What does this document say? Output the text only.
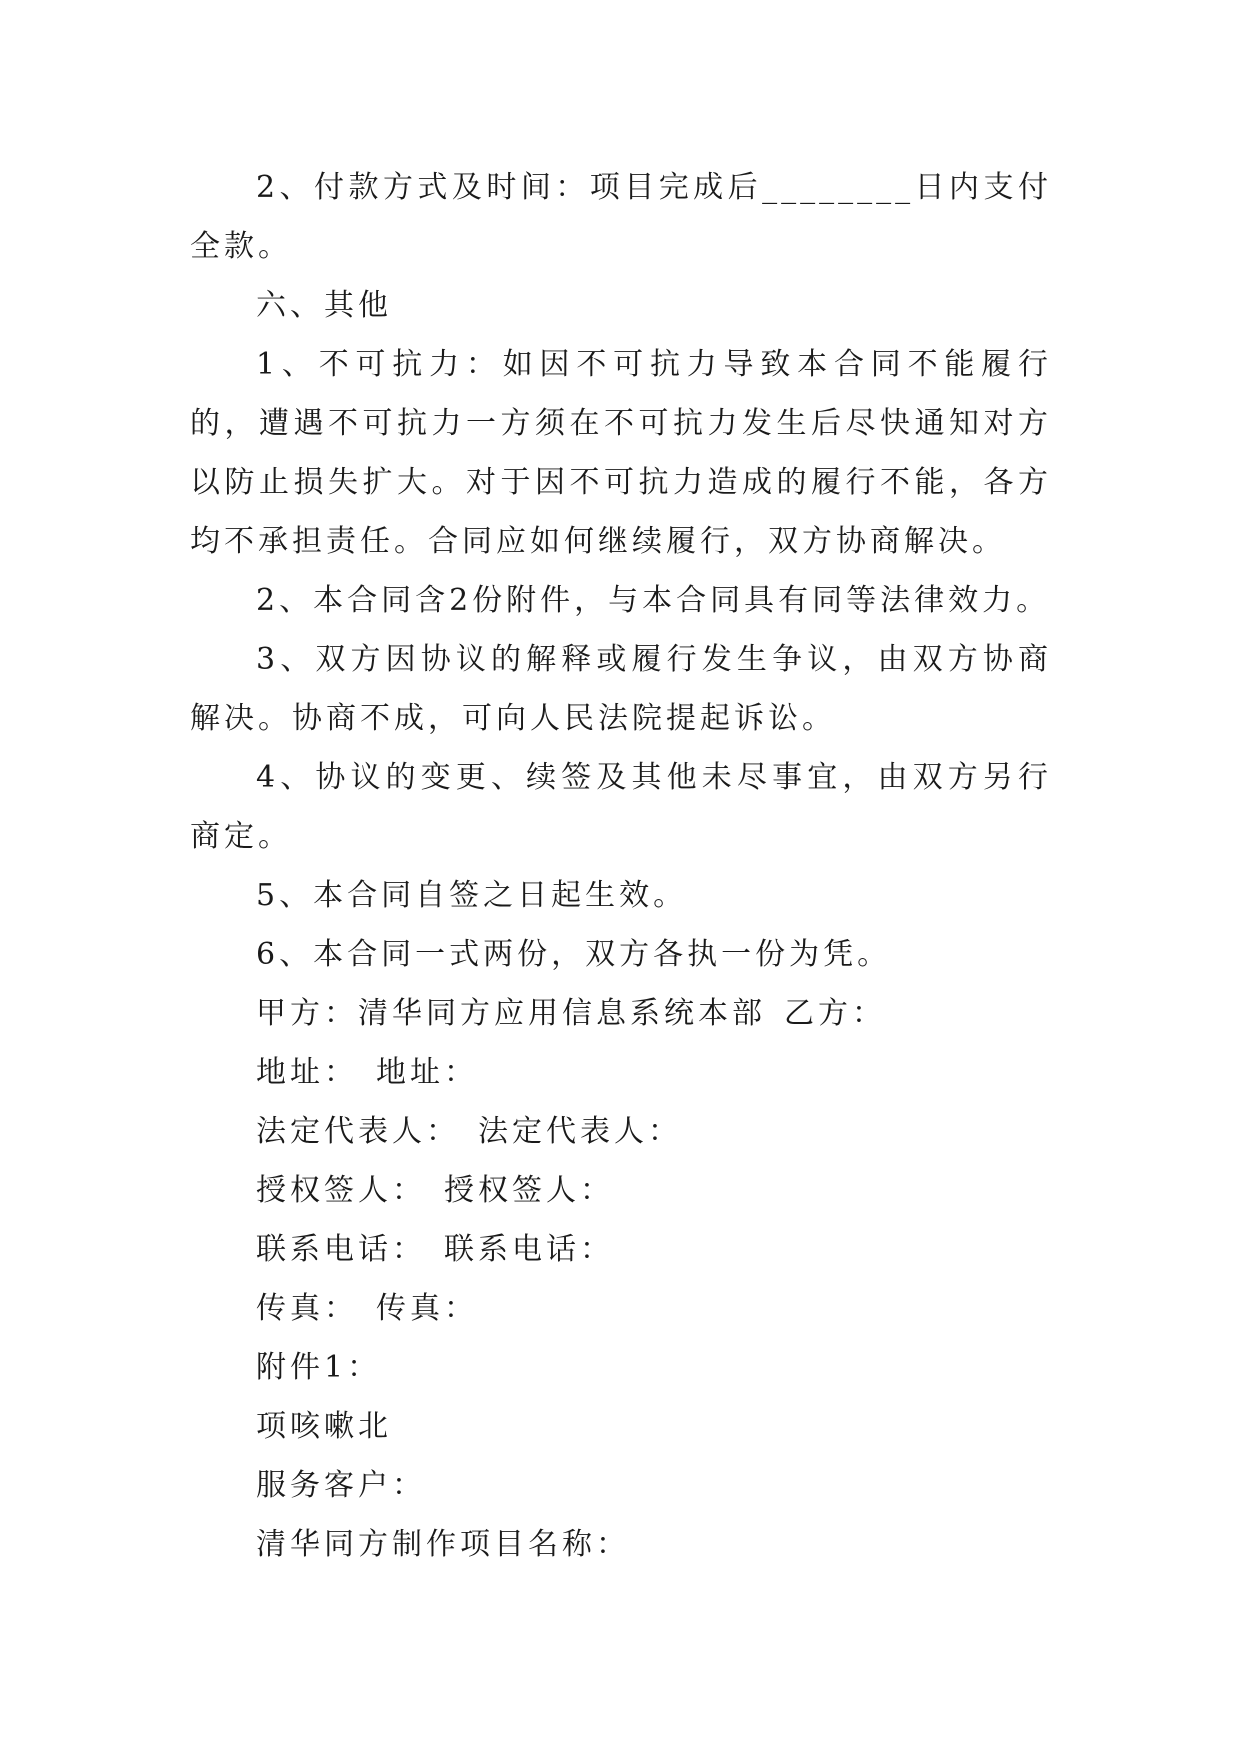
2、付款方式及时间：项目完成后________日内支付全款。

六、其他

1、不可抗力：如因不可抗力导致本合同不能履行的，遭遇不可抗力一方须在不可抗力发生后尽快通知对方以防止损失扩大。对于因不可抗力造成的履行不能，各方均不承担责任。合同应如何继续履行，双方协商解决。

2、本合同含2份附件，与本合同具有同等法律效力。

3、双方因协议的解释或履行发生争议，由双方协商解决。协商不成，可向人民法院提起诉讼。

4、协议的变更、续签及其他未尽事宜，由双方另行商定。

5、本合同自签之日起生效。

6、本合同一式两份，双方各执一份为凭。

甲方：清华同方应用信息系统本部 乙方：

地址： 地址：

法定代表人： 法定代表人：

授权签人： 授权签人：

联系电话： 联系电话：

传真： 传真：

附件1：

项咳嗽北

服务客户：

清华同方制作项目名称：
